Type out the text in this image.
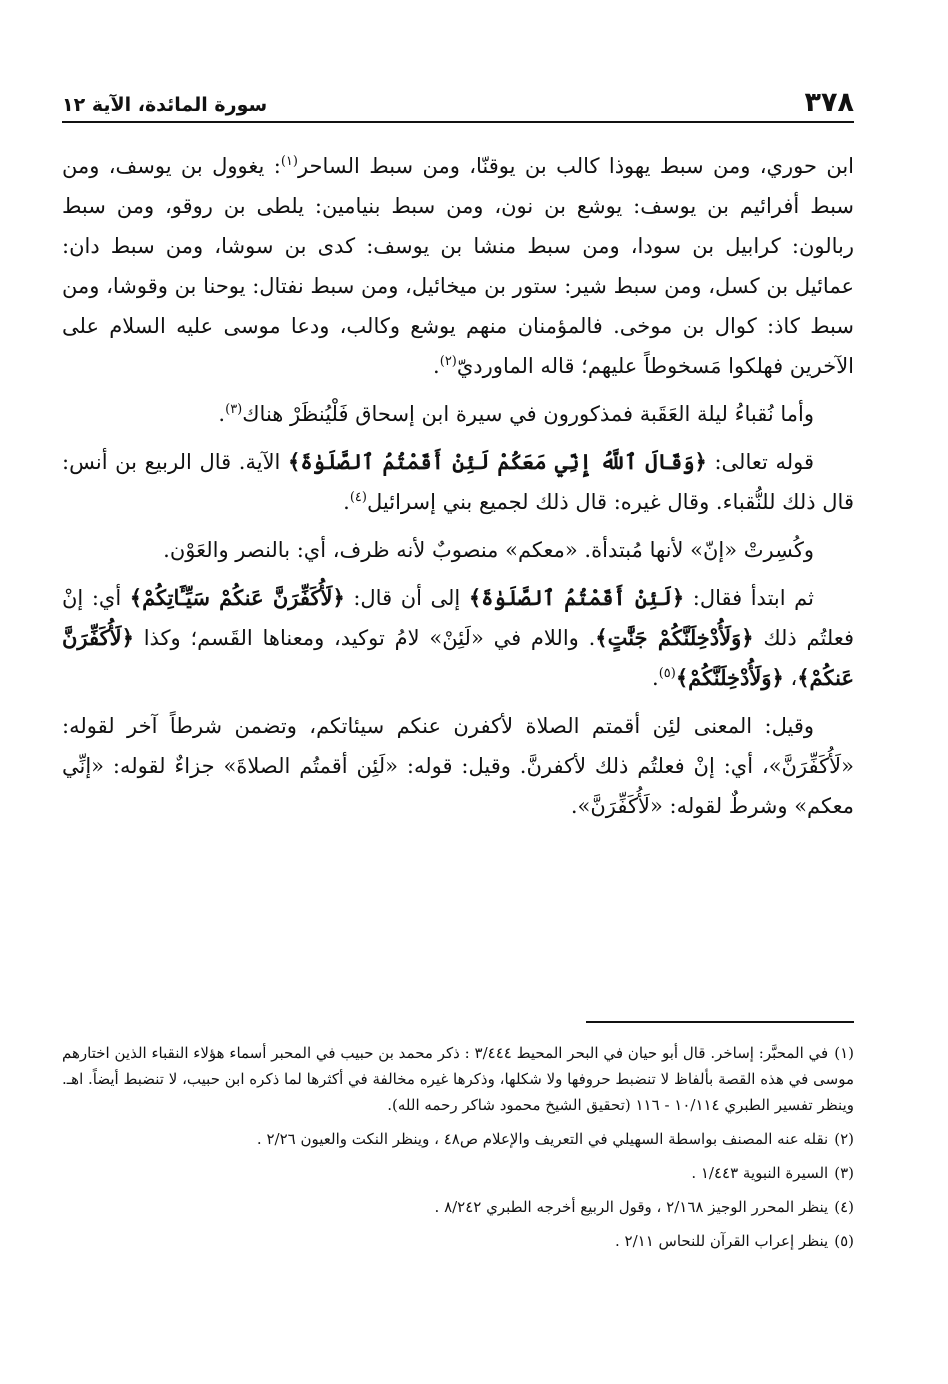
٣٧٨
سورة المائدة، الآية ١٢

ابن حوري، ومن سبط يهوذا كالب بن يوقنّا، ومن سبط الساحر$^{(١)}$: يغوول بن يوسف، ومن سبط أفرائيم بن يوسف: يوشع بن نون، ومن سبط بنيامين: يلطى بن روقو، ومن سبط ربالون: كرابيل بن سودا، ومن سبط منشا بن يوسف: كدى بن سوشا، ومن سبط دان: عمائيل بن كسل، ومن سبط شير: ستور بن ميخائيل، ومن سبط نفتال: يوحنا بن وقوشا، ومن سبط كاذ: كوال بن موخى. فالمؤمنان منهم يوشع وكالب، ودعا موسى عليه السلام على الآخرين فهلكوا مَسخوطاً عليهم؛ قاله الماورديّ$^{(٢)}$.

وأما نُقباءُ ليلة العَقَبة فمذكورون في سيرة ابن إسحاق فَلْيُنظَرْ هناك$^{(٣)}$.

قوله تعالى: ﴿وَقَالَ ٱللَّهُ إِنِّي مَعَكُمْ لَئِنْ أَقَمْتُمُ ٱلصَّلَوٰةَ﴾ الآية. قال الربيع بن أنس: قال ذلك للنُّقباء. وقال غيره: قال ذلك لجميع بني إسرائيل$^{(٤)}$.

وكُسِرتْ «إنّ» لأنها مُبتدأة. «معكم» منصوبٌ لأنه ظرف، أي: بالنصر والعَوْن.

ثم ابتدأ فقال: ﴿لَئِنْ أَقَمْتُمُ ٱلصَّلَوٰةَ﴾ إلى أن قال: ﴿لَأُكَفِّرَنَّ عَنكُمْ سَيِّـَٔاتِكُمْ﴾ أي: إنْ فعلتُم ذلك ﴿وَلَأُدْخِلَنَّكُمْ جَنَّٰتٍ﴾. واللام في «لَئِنْ» لامُ توكيد، ومعناها القَسم؛ وكذا ﴿لَأُكَفِّرَنَّ عَنكُمْ﴾، ﴿وَلَأُدْخِلَنَّكُمْ﴾$^{(٥)}$.

وقيل: المعنى لئِن أقمتم الصلاة لأكفرن عنكم سيئاتكم، وتضمن شرطاً آخر لقوله: «لَأُكَفِّرَنَّ»، أي: إنْ فعلتُم ذلك لأكفرنَّ. وقيل: قوله: «لَئِن أقمتُم الصلاةَ» جزاءٌ لقوله: «إنِّي معكم» وشرطٌ لقوله: «لَأُكَفِّرَنَّ».

(١)في المحبَّر: إساخر. قال أبو حيان في البحر المحيط ٣/٤٤٤ : ذكر محمد بن حبيب في المحبر أسماء هؤلاء النقباء الذين اختارهم موسى في هذه القصة بألفاظ لا تنضبط حروفها ولا شكلها، وذكرها غيره مخالفة في أكثرها لما ذكره ابن حبيب، لا تنضبط أيضاً. اهـ. وينظر تفسير الطبري ١٠/١١٤ - ١١٦ (تحقيق الشيخ محمود شاكر رحمه الله).

(٢)نقله عنه المصنف بواسطة السهيلي في التعريف والإعلام ص٤٨ ، وينظر النكت والعيون ٢/٢٦ .

(٣)السيرة النبوية ١/٤٤٣ .

(٤)ينظر المحرر الوجيز ٢/١٦٨ ، وقول الربيع أخرجه الطبري ٨/٢٤٢ .

(٥)ينظر إعراب القرآن للنحاس ٢/١١ .
